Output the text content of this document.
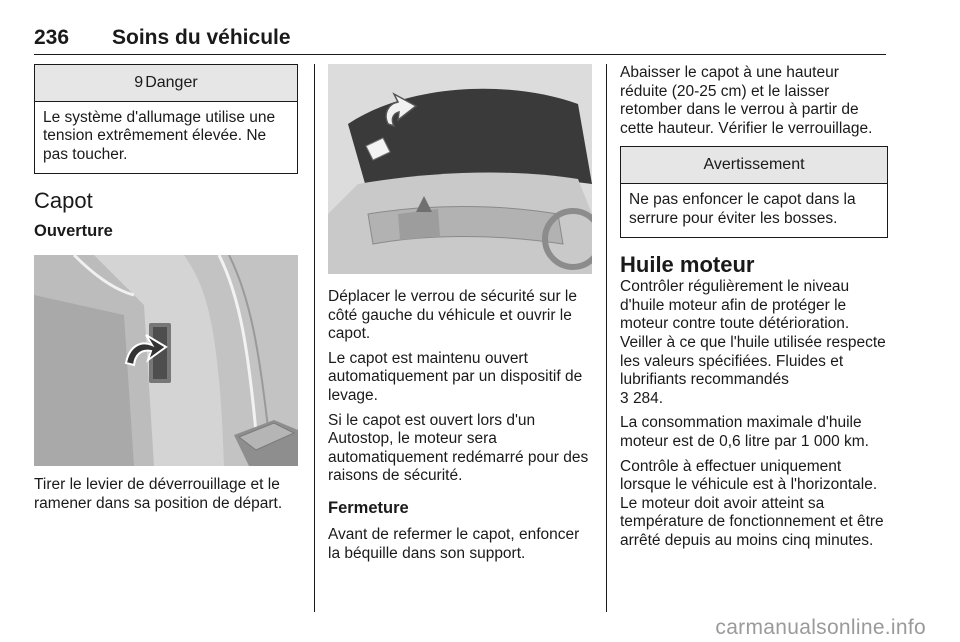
236 Soins du véhicule
9 Danger
Le système d'allumage utilise une tension extrêmement élevée. Ne pas toucher.
Capot
Ouverture

Tirer le levier de déverrouillage et le ramener dans sa position de départ.

Déplacer le verrou de sécurité sur le côté gauche du véhicule et ouvrir le capot.

Le capot est maintenu ouvert automatiquement par un dispositif de levage.

Si le capot est ouvert lors d'un Autostop, le moteur sera automatiquement redémarré pour des raisons de sécurité.

Fermeture

Avant de refermer le capot, enfoncer la béquille dans son support.

Abaisser le capot à une hauteur réduite (20-25 cm) et le laisser retomber dans le verrou à partir de cette hauteur. Vérifier le verrouillage.

Avertissement
Ne pas enfoncer le capot dans la serrure pour éviter les bosses.
Huile moteur

Contrôler régulièrement le niveau d'huile moteur afin de protéger le moteur contre toute détérioration. Veiller à ce que l'huile utilisée respecte les valeurs spécifiées. Fluides et lubrifiants recommandés
3 284.

La consommation maximale d'huile moteur est de 0,6 litre par 1 000 km.

Contrôle à effectuer uniquement lorsque le véhicule est à l'horizontale. Le moteur doit avoir atteint sa température de fonctionnement et être arrêté depuis au moins cinq minutes.

carmanualsonline.info
